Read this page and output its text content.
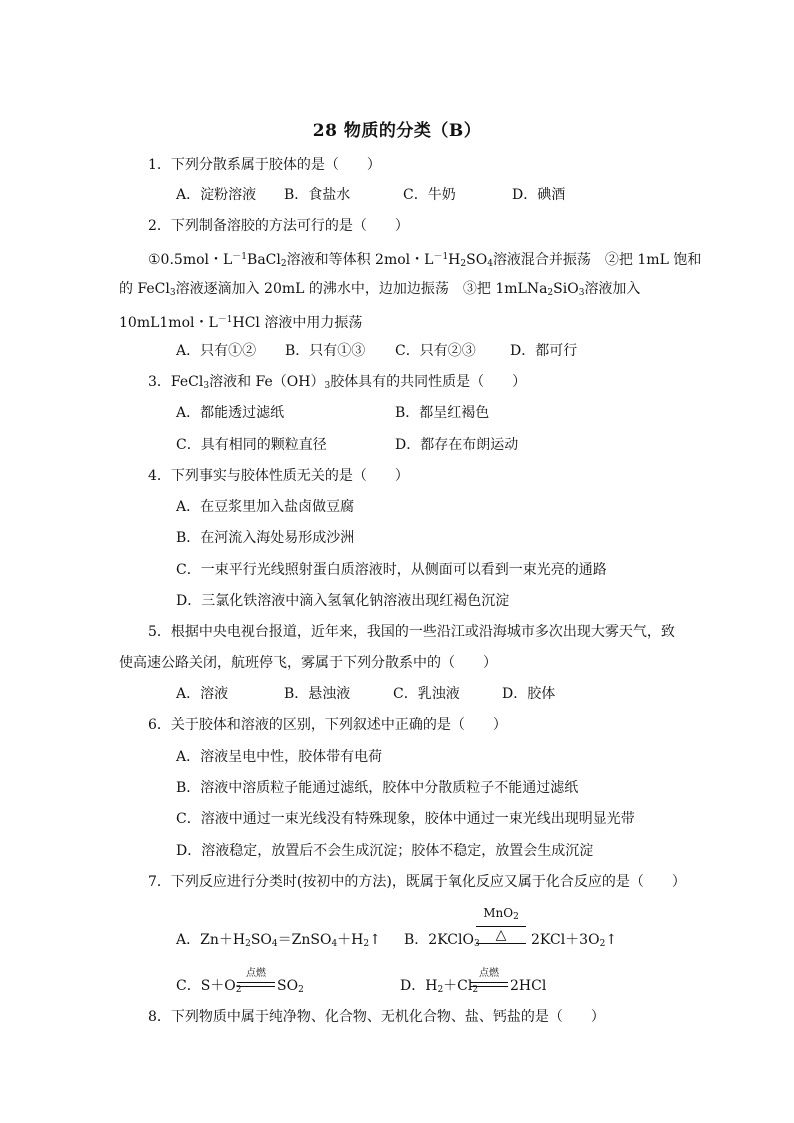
28 物质的分类（B）
1．下列分散系属于胶体的是（　　）
A．淀粉溶液 B．食盐水	C．牛奶	D．碘酒
2．下列制备溶胶的方法可行的是（　　）
①0.5mol・$L^{-1}BaCl_2$溶液和等体积 2mol・$L^{-1}H_2SO_4$溶液混合并振荡　②把 1mL 饱和
的 FeCl$_3$溶液逐滴加入 20mL 的沸水中，边加边振荡　③把 1mLNa$_2$SiO$_3$溶液加入
10mL1mol・$L^{-1}HCl$ 溶液中用力振荡
A．只有①② B．只有①③ C．只有②③ D．都可行
3．FeCl$_3$溶液和 $Fe(OH)_3$胶体具有的共同性质是（　　）
A．都能透过滤纸	B．都呈红褐色
C．具有相同的颗粒直径	D．都存在布朗运动
4．下列事实与胶体性质无关的是（　　）
A．在豆浆里加入盐卤做豆腐
B．在河流入海处易形成沙洲
C．一束平行光线照射蛋白质溶液时，从侧面可以看到一束光亮的通路
D．三氯化铁溶液中滴入氢氧化钠溶液出现红褐色沉淀
5．根据中央电视台报道，近年来，我国的一些沿江或沿海城市多次出现大雾天气，致
使高速公路关闭，航班停飞，雾属于下列分散系中的（　　）
A．溶液	B．悬浊液	C．乳浊液	D．胶体
6．关于胶体和溶液的区别，下列叙述中正确的是（　　）
A．溶液呈电中性，胶体带有电荷
B．溶液中溶质粒子能通过滤纸，胶体中分散质粒子不能通过滤纸
C．溶液中通过一束光线没有特殊现象，胶体中通过一束光线出现明显光带
D．溶液稳定，放置后不会生成沉淀；胶体不稳定，放置会生成沉淀
7．下列反应进行分类时(按初中的方法)，既属于氧化反应又属于化合反应的是（　　）
A．$Zn+H_2SO_4=ZnSO_4+H_2↑$ B．2KClO$_3$
MnO$_2$
△	$2KCl+3O_2↑$
C．$S+O_2$
点燃
$SO_2$	D．$H_2+Cl_2$
点燃
2HCl
8．下列物质中属于纯净物、化合物、无机化合物、盐、钙盐的是（　　）
